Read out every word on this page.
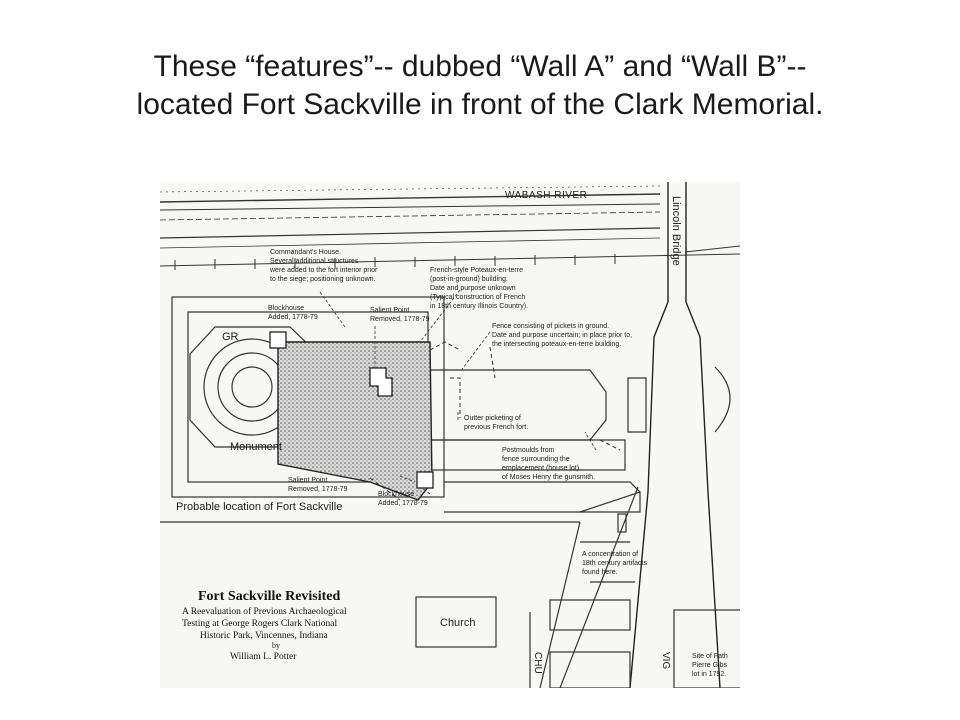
These “features”-- dubbed “Wall A” and “Wall B”--
located Fort Sackville in front of the Clark Memorial.
WABASH RIVER
Lincoln Bridge
Commandant's House.
Several additional structures
were added to the fort interior prior
to the siege; positioning unknown.
French-style Poteaux-en-terre
(post-in-ground) building.
Date and purpose unknown
(Typical construction of French
in 18th century Illinois Country).
Blockhouse
Added, 1778-79
Salient Point
Removed, 1778-79
Fence consisting of pickets in ground.
Date and purpose uncertain; in place prior to,
the intersecting poteaux-en-terre building.
GR
Outter picketing of
previous French fort.
Monument	Postmoulds from
fence surrounding the
emplacement (house lot)
of Moses Henry the gunsmith.
Salient Point
Removed, 1778-79
Blockhouse
Added, 1778-79
Probable location of Fort Sackville
A concentration of
18th century artifacts
found here.
Church
CHU	VIG	Site of Fath
Pierre Gibs
lot in 1792.
Fort Sackville Revisited
A Reevaluation of Previous Archaeological
Testing at George Rogers Clark National
Historic Park, Vincennes, Indiana
by
William L. Potter
